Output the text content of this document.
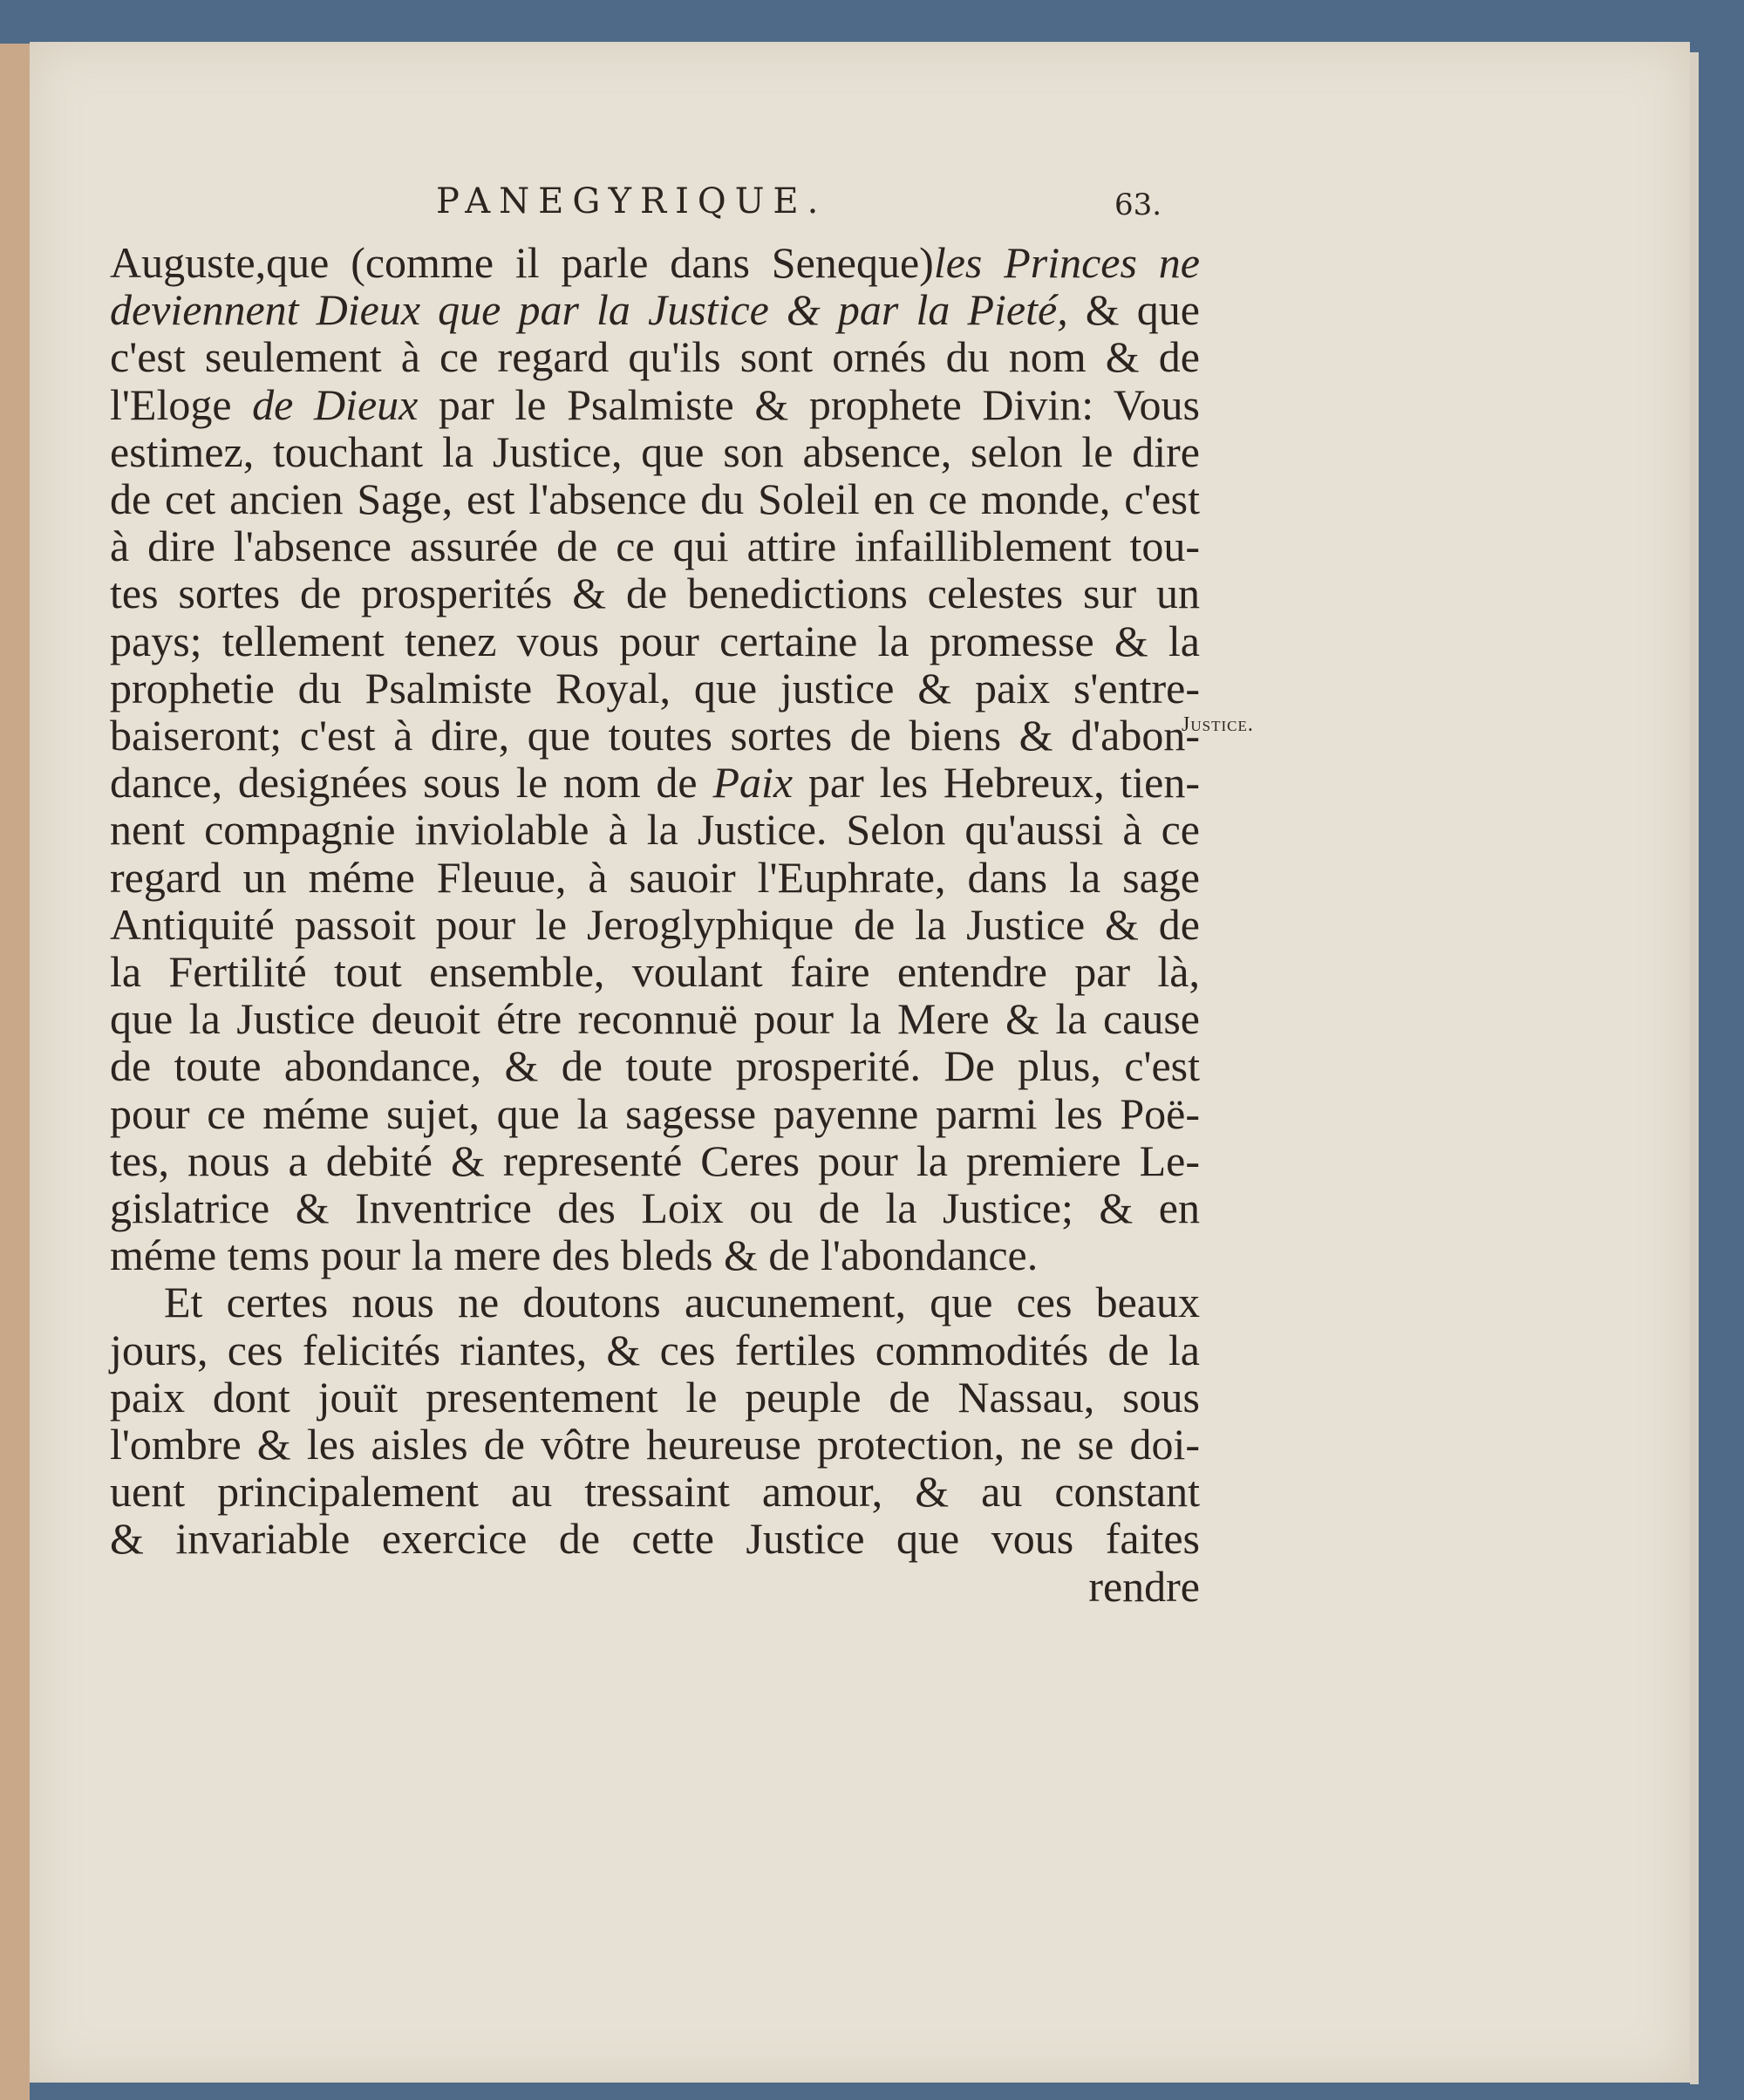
PANEGYRIQUE.	63.
Justice.
Auguste,que (comme il parle dans Seneque)les Princes ne
deviennent Dieux que par la Justice & par la Pieté, & que
c'est seulement à ce regard qu'ils sont ornés du nom & de
l'Eloge de Dieux par le Psalmiste & prophete Divin: Vous
estimez, touchant la Justice, que son absence, selon le dire
de cet ancien Sage, est l'absence du Soleil en ce monde, c'est
à dire l'absence assurée de ce qui attire infailliblement tou-
tes sortes de prosperités & de benedictions celestes sur un
pays; tellement tenez vous pour certaine la promesse & la
prophetie du Psalmiste Royal, que justice & paix s'entre-
baiseront; c'est à dire, que toutes sortes de biens & d'abon-
dance, designées sous le nom de Paix par les Hebreux, tien-
nent compagnie inviolable à la Justice. Selon qu'aussi à ce
regard un méme Fleuue, à sauoir l'Euphrate, dans la sage
Antiquité passoit pour le Jeroglyphique de la Justice & de
la Fertilité tout ensemble, voulant faire entendre par là,
que la Justice deuoit étre reconnuë pour la Mere & la cause
de toute abondance, & de toute prosperité. De plus, c'est
pour ce méme sujet, que la sagesse payenne parmi les Poë-
tes, nous a debité & representé Ceres pour la premiere Le-
gislatrice & Inventrice des Loix ou de la Justice; & en
méme tems pour la mere des bleds & de l'abondance.
Et certes nous ne doutons aucunement, que ces beaux
jours, ces felicités riantes, & ces fertiles commodités de la
paix dont jouït presentement le peuple de Nassau, sous
l'ombre & les aisles de vôtre heureuse protection, ne se doi-
uent principalement au tressaint amour, & au constant
& invariable exercice de cette Justice que vous faites
rendre
